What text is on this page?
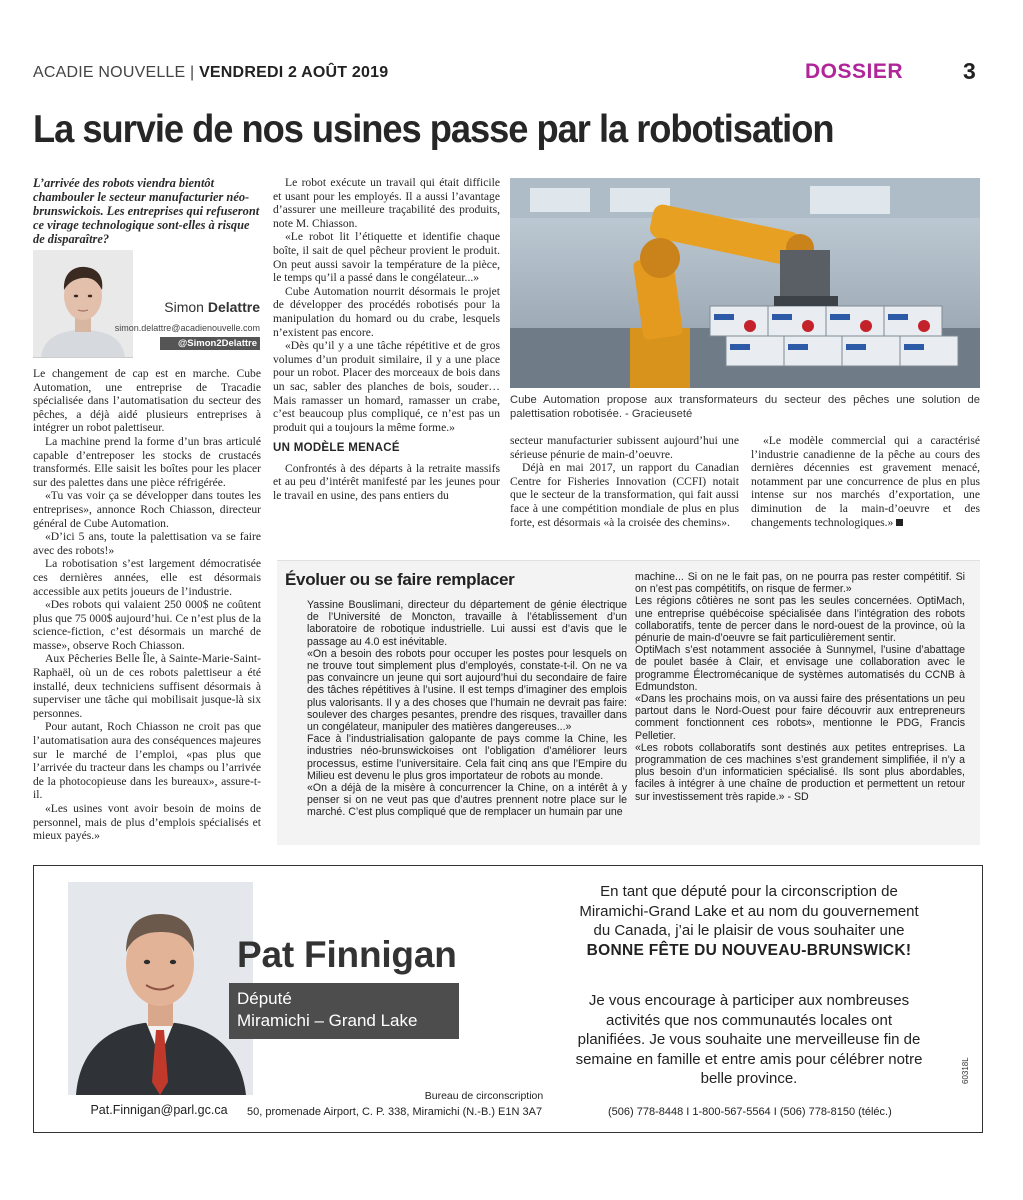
ACADIE NOUVELLE | VENDREDI 2 AOÛT 2019	DOSSIER	3
La survie de nos usines passe par la robotisation
L’arrivée des robots viendra bientôt chambouler le secteur manufacturier néo-brunswickois. Les entreprises qui refuseront ce virage technologique sont-elles à risque de disparaître?
Simon Delattre
simon.delattre@acadienouvelle.com
@Simon2Delattre

Le changement de cap est en marche. Cube Automation, une entreprise de Tracadie spécialisée dans l’automatisation du secteur des pêches, a déjà aidé plusieurs entreprises à intégrer un robot palettiseur.

La machine prend la forme d’un bras articulé capable d’entreposer les stocks de crustacés transformés. Elle saisit les boîtes pour les placer sur des palettes dans une pièce réfrigérée.

«Tu vas voir ça se développer dans toutes les entreprises», annonce Roch Chiasson, directeur général de Cube Automation.

«D’ici 5 ans, toute la palettisation va se faire avec des robots!»

La robotisation s’est largement démocratisée ces dernières années, elle est désormais accessible aux petits joueurs de l’industrie.

«Des robots qui valaient 250 000$ ne coûtent plus que 75 000$ aujourd’hui. Ce n’est plus de la science-fiction, c’est désormais un marché de masse», observe Roch Chiasson.

Aux Pêcheries Belle Île, à Sainte-Marie-Saint-Raphaël, où un de ces robots palettiseur a été installé, deux techniciens suffisent désormais à superviser une tâche qui mobilisait jusque-là six personnes.

Pour autant, Roch Chiasson ne croit pas que l’automatisation aura des conséquences majeures sur le marché de l’emploi, «pas plus que l’arrivée du tracteur dans les champs ou l’arrivée de la photocopieuse dans les bureaux», assure-t-il.

«Les usines vont avoir besoin de moins de personnel, mais de plus d’emplois spécialisés et mieux payés.»

Le robot exécute un travail qui était difficile et usant pour les employés. Il a aussi l’avantage d’assurer une meilleure traçabilité des produits, note M. Chiasson.

«Le robot lit l’étiquette et identifie chaque boîte, il sait de quel pêcheur provient le produit. On peut aussi savoir la température de la pièce, le temps qu’il a passé dans le congélateur...»

Cube Automation nourrit désormais le projet de développer des procédés robotisés pour la manipulation du homard ou du crabe, lesquels n’existent pas encore.

«Dès qu’il y a une tâche répétitive et de gros volumes d’un produit similaire, il y a une place pour un robot. Placer des morceaux de bois dans un sac, sabler des planches de bois, souder… Mais ramasser un homard, ramasser un crabe, c’est beaucoup plus compliqué, ce n’est pas un produit qui a toujours la même forme.»

UN MODÈLE MENACÉ

Confrontés à des départs à la retraite massifs et au peu d’intérêt manifesté par les jeunes pour le travail en usine, des pans entiers du

Cube Automation propose aux transformateurs du secteur des pêches une solution de palettisation robotisée. - Gracieuseté

secteur manufacturier subissent aujourd’hui une sérieuse pénurie de main-d’oeuvre.

Déjà en mai 2017, un rapport du Canadian Centre for Fisheries Innovation (CCFI) notait que le secteur de la transformation, qui fait aussi face à une compétition mondiale de plus en plus forte, est désormais «à la croisée des chemins».

«Le modèle commercial qui a caractérisé l’industrie canadienne de la pêche au cours des dernières décennies est gravement menacé, notamment par une concurrence de plus en plus intense sur nos marchés d’exportation, une diminution de la main-d’oeuvre et des changements technologiques.»

Évoluer ou se faire remplacer

Yassine Bouslimani, directeur du département de génie électrique de l’Université de Moncton, travaille à l’établissement d’un laboratoire de robotique industrielle. Lui aussi est d’avis que le passage au 4.0 est inévitable.

«On a besoin des robots pour occuper les postes pour lesquels on ne trouve tout simplement plus d’employés, constate-t-il. On ne va pas convaincre un jeune qui sort aujourd’hui du secondaire de faire des tâches répétitives à l’usine. Il est temps d’imaginer des emplois plus valorisants. Il y a des choses que l’humain ne devrait pas faire: soulever des charges pesantes, prendre des risques, travailler dans un congélateur, manipuler des matières dangereuses...»

Face à l’industrialisation galopante de pays comme la Chine, les industries néo-brunswickoises ont l’obligation d’améliorer leurs processus, estime l’universitaire. Cela fait cinq ans que l’Empire du Milieu est devenu le plus gros importateur de robots au monde.

«On a déjà de la misère à concurrencer la Chine, on a intérêt à y penser si on ne veut pas que d’autres prennent notre place sur le marché. C’est plus compliqué que de remplacer un humain par une

machine... Si on ne le fait pas, on ne pourra pas rester compétitif. Si on n’est pas compétitifs, on risque de fermer.»

Les régions côtières ne sont pas les seules concernées. OptiMach, une entreprise québécoise spécialisée dans l’intégration des robots collaboratifs, tente de percer dans le nord-ouest de la province, où la pénurie de main-d’oeuvre se fait particulièrement sentir.

OptiMach s’est notamment associée à Sunnymel, l’usine d’abattage de poulet basée à Clair, et envisage une collaboration avec le programme Électromécanique de systèmes automatisés du CCNB à Edmundston.

«Dans les prochains mois, on va aussi faire des présentations un peu partout dans le Nord-Ouest pour faire découvrir aux entrepreneurs comment fonctionnent ces robots», mentionne le PDG, Francis Pelletier.

«Les robots collaboratifs sont destinés aux petites entreprises. La programmation de ces machines s’est grandement simplifiée, il n’y a plus besoin d’un informaticien spécialisé. Ils sont plus abordables, faciles à intégrer à une chaîne de production et permettent un retour sur investissement très rapide.» - SD

Pat Finnigan
Député
Miramichi – Grand Lake
En tant que député pour la circonscription de
Miramichi-Grand Lake et au nom du gouvernement
du Canada, j’ai le plaisir de vous souhaiter une
BONNE FÊTE DU NOUVEAU-BRUNSWICK!
Je vous encourage à participer aux nombreuses
activités que nos communautés locales ont
planifiées. Je vous souhaite une merveilleuse fin de
semaine en famille et entre amis pour célébrer notre
belle province.
Pat.Finnigan@parl.gc.ca
Bureau de circonscription
50, promenade Airport, C. P. 338, Miramichi (N.-B.) E1N 3A7	(506) 778-8448 I 1-800-567-5564 I (506) 778-8150 (téléc.)
60318L
